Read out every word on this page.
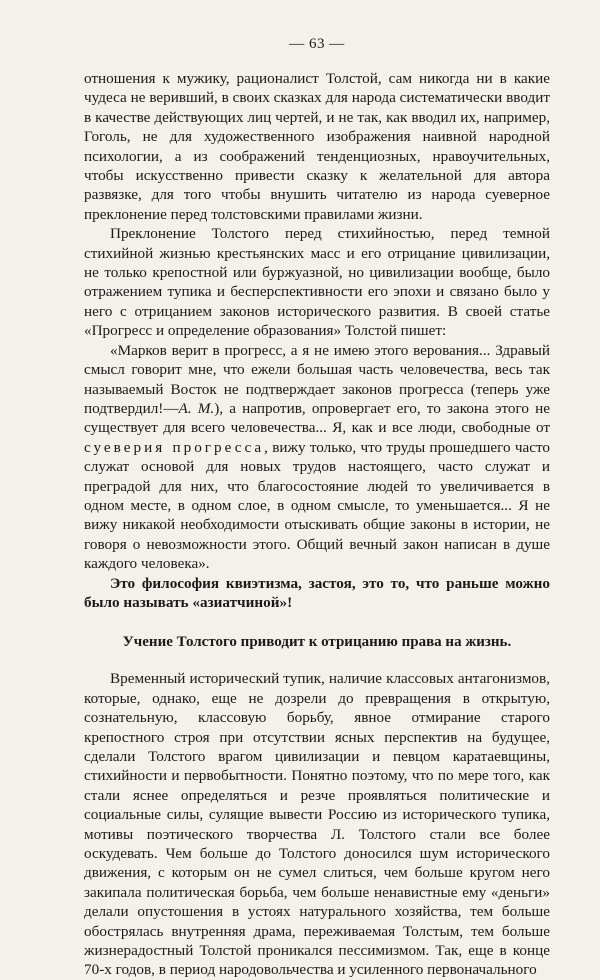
— 63 —

отношения к мужику, рационалист Толстой, сам никогда ни в какие чудеса не веривший, в своих сказках для народа систематически вводит в качестве действующих лиц чертей, и не так, как вводил их, например, Гоголь, не для художественного изображения наивной народной психологии, а из соображений тенденциозных, нравоучительных, чтобы искусственно привести сказку к желательной для автора развязке, для того чтобы внушить читателю из народа суеверное преклонение перед толстовскими правилами жизни.

Преклонение Толстого перед стихийностью, перед темной стихийной жизнью крестьянских масс и его отрицание цивилизации, не только крепостной или буржуазной, но цивилизации вообще, было отражением тупика и бесперспективности его эпохи и связано было у него с отрицанием законов исторического развития. В своей статье «Прогресс и определение образования» Толстой пишет:

«Марков верит в прогресс, а я не имею этого верования... Здравый смысл говорит мне, что ежели большая часть человечества, весь так называемый Восток не подтверждает законов прогресса (теперь уже подтвердил!—А. М.), а напротив, опровергает его, то закона этого не существует для всего человечества... Я, как и все люди, свободные от суеверия прогресса, вижу только, что труды прошедшего часто служат основой для новых трудов настоящего, часто служат и преградой для них, что благосостояние людей то увеличивается в одном месте, в одном слое, в одном смысле, то уменьшается... Я не вижу никакой необходимости отыскивать общие законы в истории, не говоря о невозможности этого. Общий вечный закон написан в душе каждого человека».

Это философия квиэтизма, застоя, это то, что раньше можно было называть «азиатчиной»!

Учение Толстого приводит к отрицанию права на жизнь.

Временный исторический тупик, наличие классовых антагонизмов, которые, однако, еще не дозрели до превращения в открытую, сознательную, классовую борьбу, явное отмирание старого крепостного строя при отсутствии ясных перспектив на будущее, сделали Толстого врагом цивилизации и певцом каратаевщины, стихийности и первобытности. Понятно поэтому, что по мере того, как стали яснее определяться и резче проявляться политические и социальные силы, сулящие вывести Россию из исторического тупика, мотивы поэтического творчества Л. Толстого стали все более оскудевать. Чем больше до Толстого доносился шум исторического движения, с которым он не сумел слиться, чем больше кругом него закипала политическая борьба, чем больше ненавистные ему «деньги» делали опустошения в устоях натурального хозяйства, тем больше обострялась внутренняя драма, переживаемая Толстым, тем больше жизнерадостный Толстой проникался пессимизмом. Так, еще в конце 70-х годов, в период народовольчества и усиленного первоначального
